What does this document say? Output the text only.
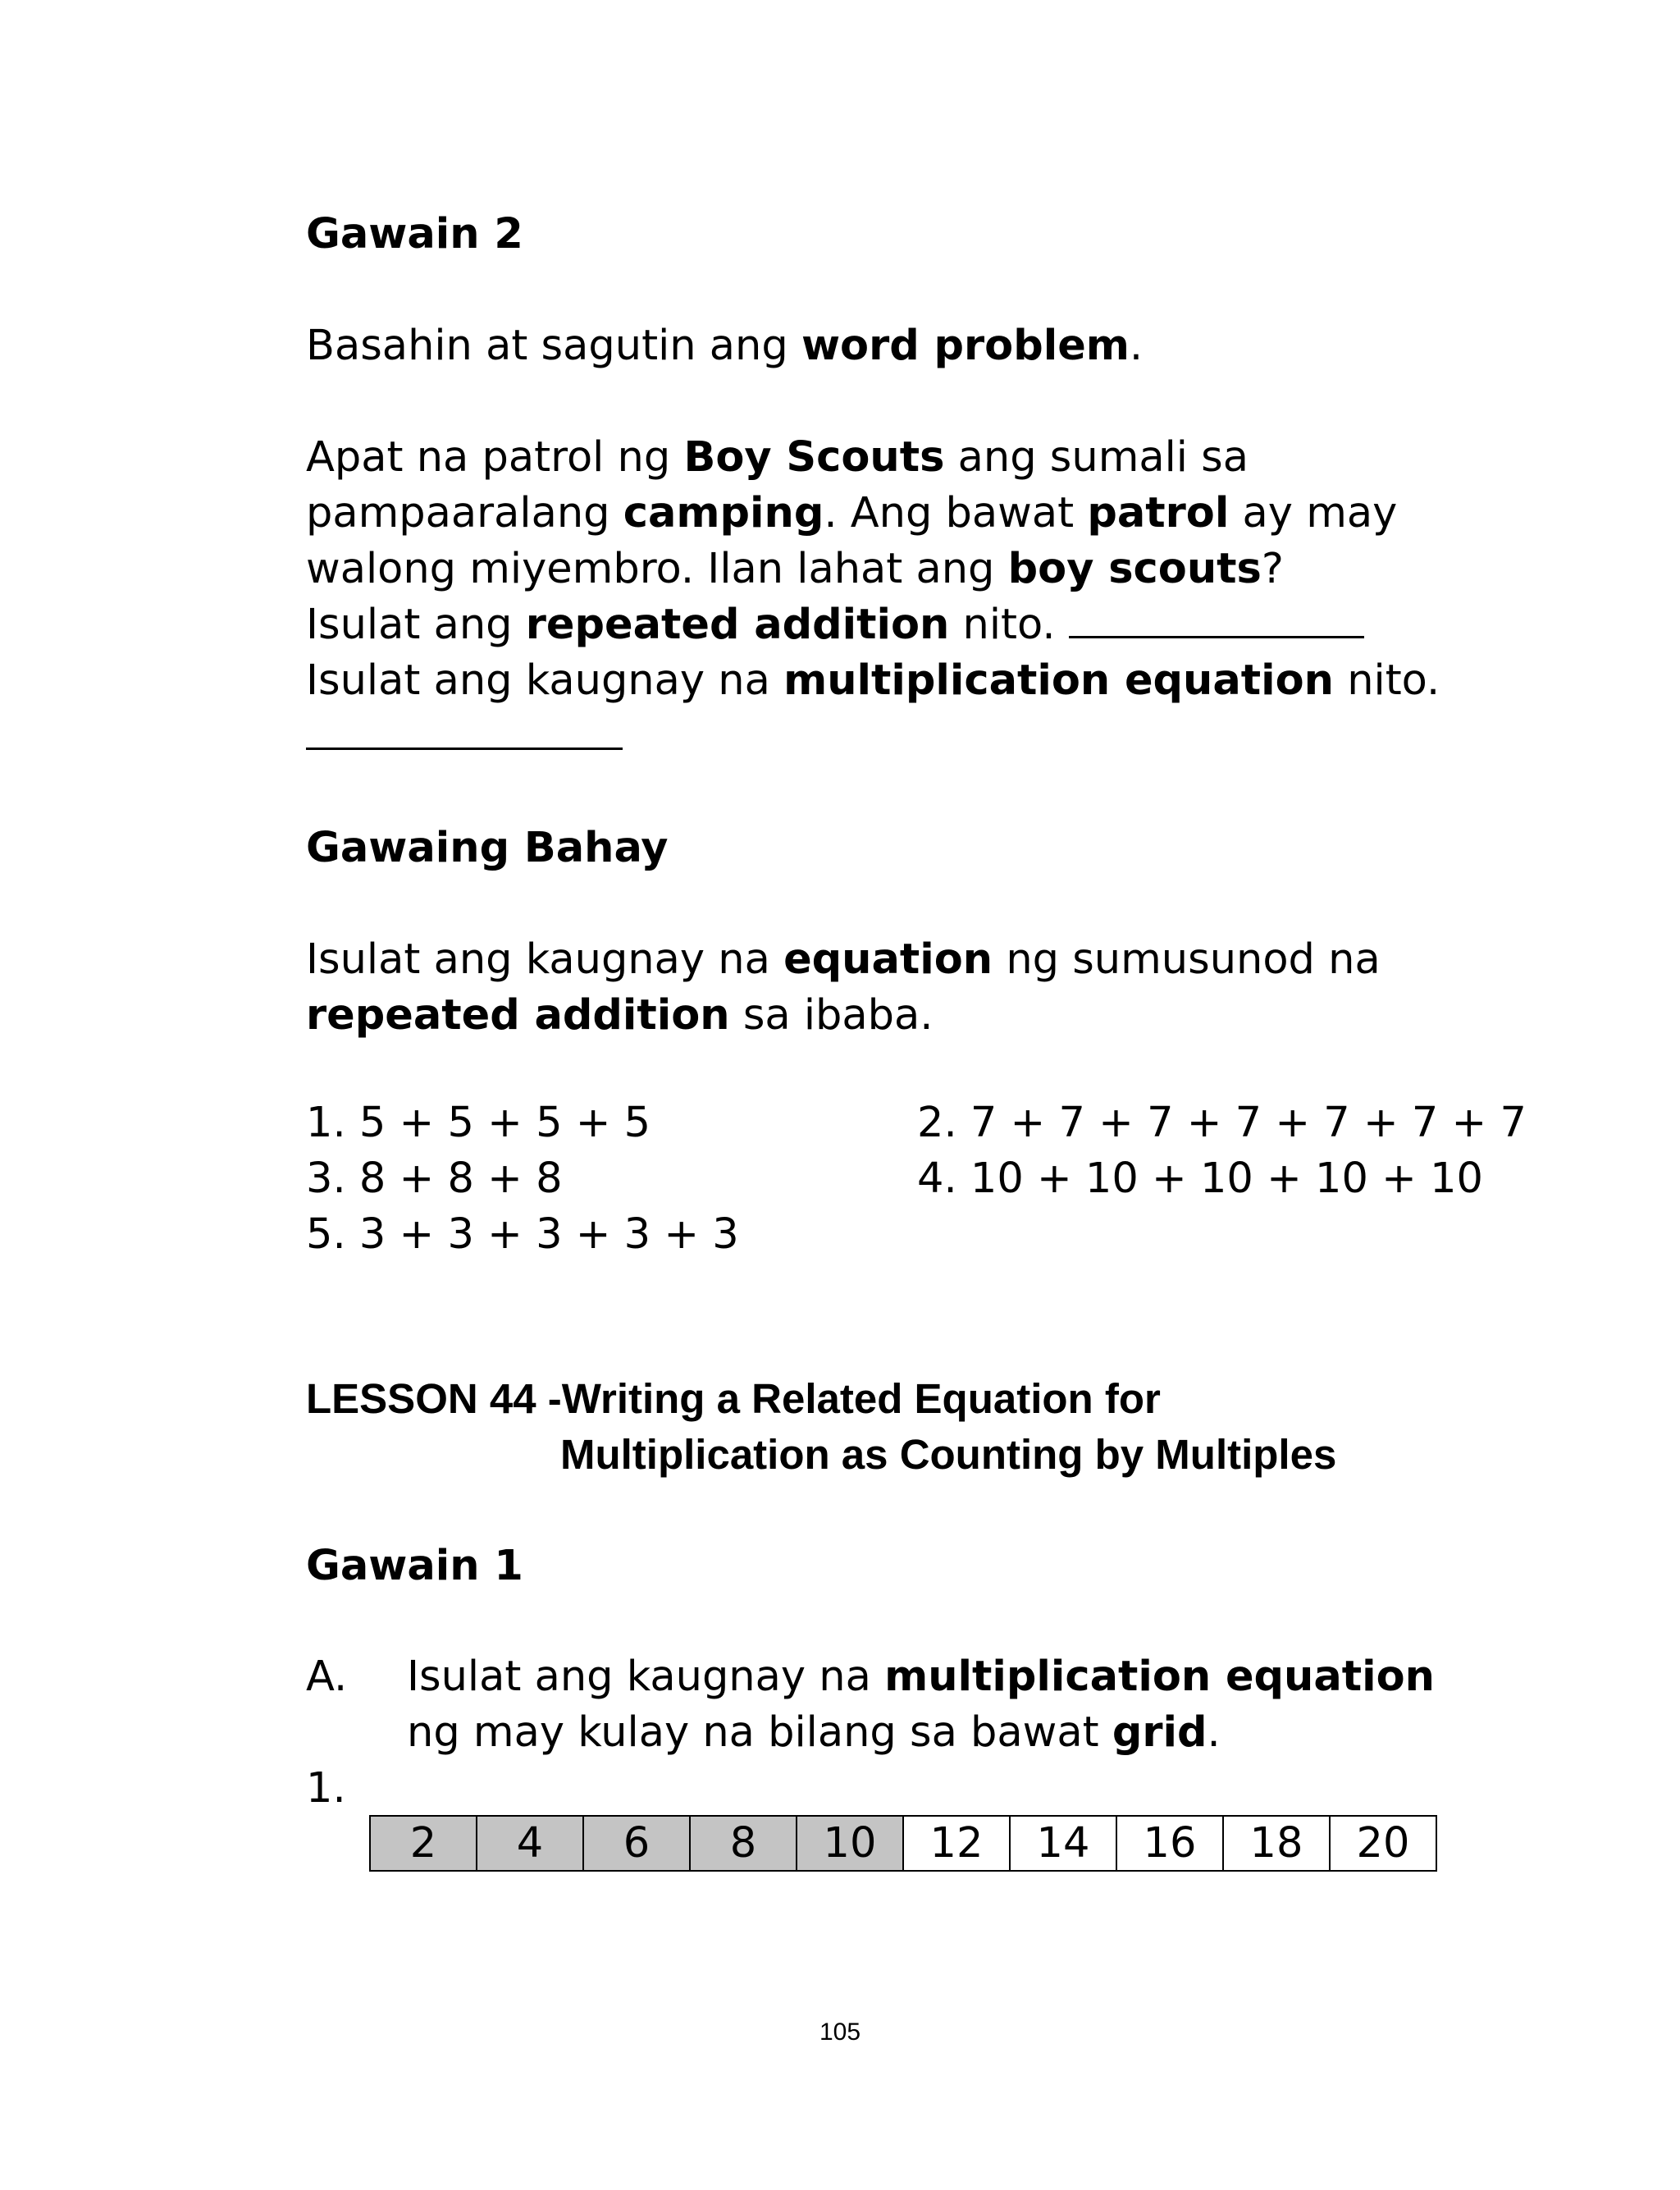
Gawain 2
Basahin at sagutin ang word problem.
Apat na patrol ng Boy Scouts ang sumali sa
pampaaralang camping. Ang bawat patrol ay may
walong miyembro. Ilan lahat ang boy scouts?
Isulat ang repeated addition nito.
Isulat ang kaugnay na multiplication equation nito.
Gawaing Bahay
Isulat ang kaugnay na equation ng sumusunod na
repeated addition sa ibaba.
1. 5 + 5 + 5 + 5	2. 7 + 7 + 7 + 7 + 7 + 7 + 7
3. 8 + 8 + 8	4. 10 + 10 + 10 + 10 + 10
5. 3 + 3 + 3 + 3 + 3
LESSON 44 -Writing a Related Equation for
Multiplication as Counting by Multiples
Gawain 1
A. Isulat ang kaugnay na multiplication equation
ng may kulay na bilang sa bawat grid.
1.
2	4	6	8	10	12	14	16	18	20
105
